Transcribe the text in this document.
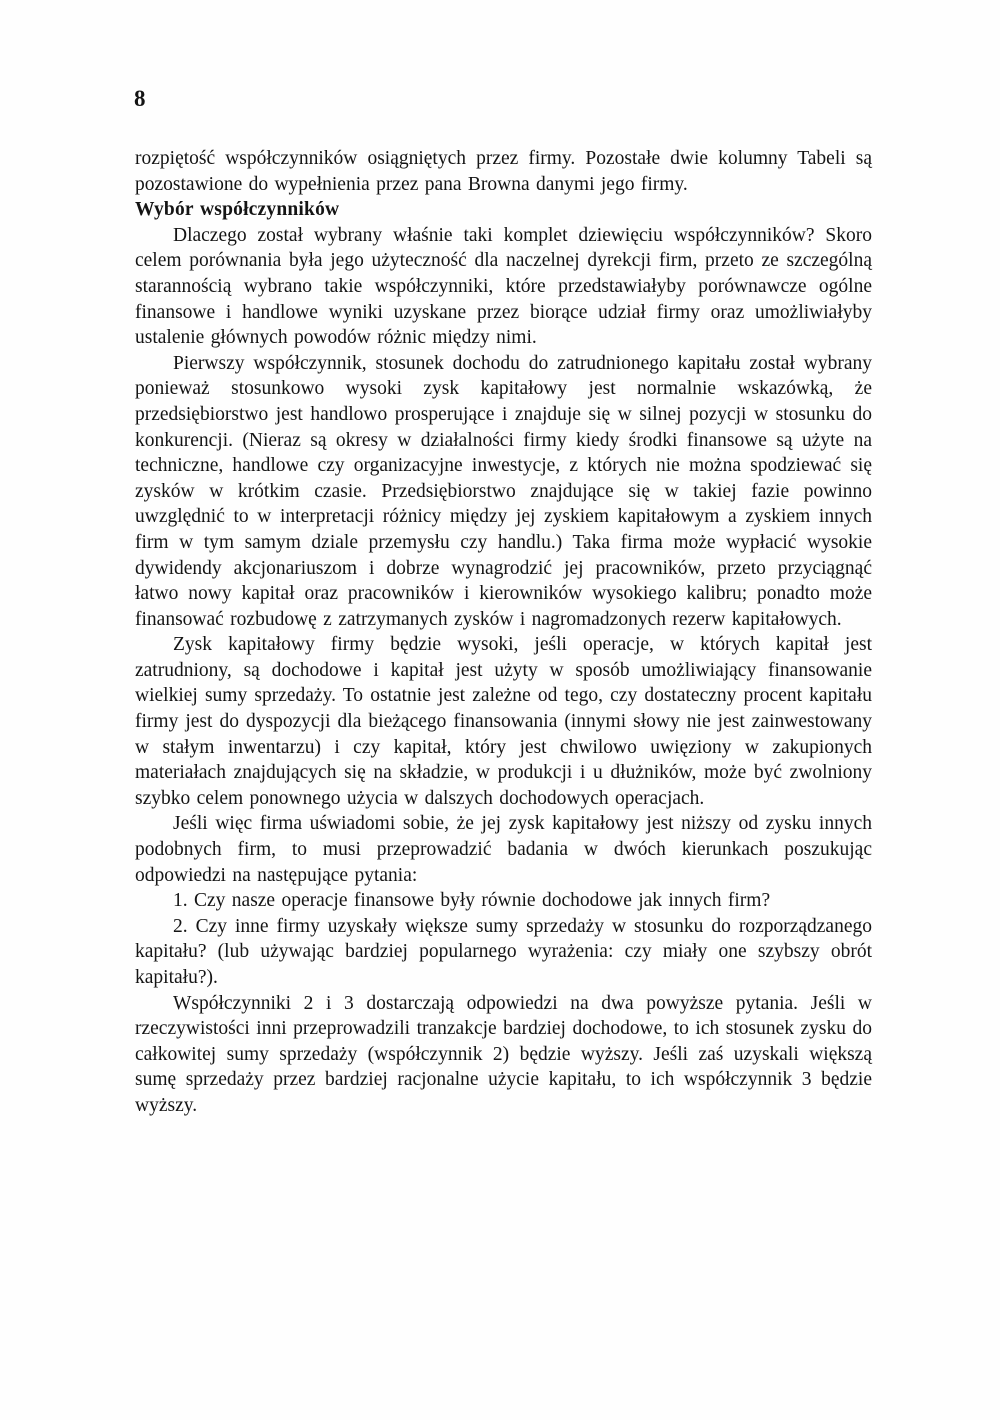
8

rozpiętość współczynników osiągniętych przez firmy. Pozostałe dwie kolumny Tabeli są pozostawione do wypełnienia przez pana Browna danymi jego firmy.

Wybór współczynników

Dlaczego został wybrany właśnie taki komplet dziewięciu współczynników? Skoro celem porównania była jego użyteczność dla naczelnej dyrekcji firm, przeto ze szczególną starannością wybrano takie współczynniki, które przedstawiałyby porównawcze ogólne finansowe i handlowe wyniki uzyskane przez biorące udział firmy oraz umożliwiałyby ustalenie głównych powodów różnic między nimi.

Pierwszy współczynnik, stosunek dochodu do zatrudnionego kapitału został wybrany ponieważ stosunkowo wysoki zysk kapitałowy jest normalnie wskazówką, że przedsiębiorstwo jest handlowo prosperujące i znajduje się w silnej pozycji w stosunku do konkurencji. (Nieraz są okresy w działalności firmy kiedy środki finansowe są użyte na techniczne, handlowe czy organizacyjne inwestycje, z których nie można spodziewać się zysków w krótkim czasie. Przedsiębiorstwo znajdujące się w takiej fazie powinno uwzględnić to w interpretacji różnicy między jej zyskiem kapitałowym a zyskiem innych firm w tym samym dziale przemysłu czy handlu.) Taka firma może wypłacić wysokie dywidendy akcjonariuszom i dobrze wynagrodzić jej pracowników, przeto przyciągnąć łatwo nowy kapitał oraz pracowników i kierowników wysokiego kalibru; ponadto może finansować rozbudowę z zatrzymanych zysków i nagromadzonych rezerw kapitałowych.

Zysk kapitałowy firmy będzie wysoki, jeśli operacje, w których kapitał jest zatrudniony, są dochodowe i kapitał jest użyty w sposób umożliwiający finansowanie wielkiej sumy sprzedaży. To ostatnie jest zależne od tego, czy dostateczny procent kapitału firmy jest do dyspozycji dla bieżącego finansowania (innymi słowy nie jest zainwestowany w stałym inwentarzu) i czy kapitał, który jest chwilowo uwięziony w zakupionych materiałach znajdujących się na składzie, w produkcji i u dłużników, może być zwolniony szybko celem ponownego użycia w dalszych dochodowych operacjach.

Jeśli więc firma uświadomi sobie, że jej zysk kapitałowy jest niższy od zysku innych podobnych firm, to musi przeprowadzić badania w dwóch kierunkach poszukując odpowiedzi na następujące pytania:

1. Czy nasze operacje finansowe były równie dochodowe jak innych firm?

2. Czy inne firmy uzyskały większe sumy sprzedaży w stosunku do rozporządzanego kapitału? (lub używając bardziej popularnego wyrażenia: czy miały one szybszy obrót kapitału?).

Współczynniki 2 i 3 dostarczają odpowiedzi na dwa powyższe pytania. Jeśli w rzeczywistości inni przeprowadzili tranzakcje bardziej dochodowe, to ich stosunek zysku do całkowitej sumy sprzedaży (współczynnik 2) będzie wyższy. Jeśli zaś uzyskali większą sumę sprzedaży przez bardziej racjonalne użycie kapitału, to ich współczynnik 3 będzie wyższy.
